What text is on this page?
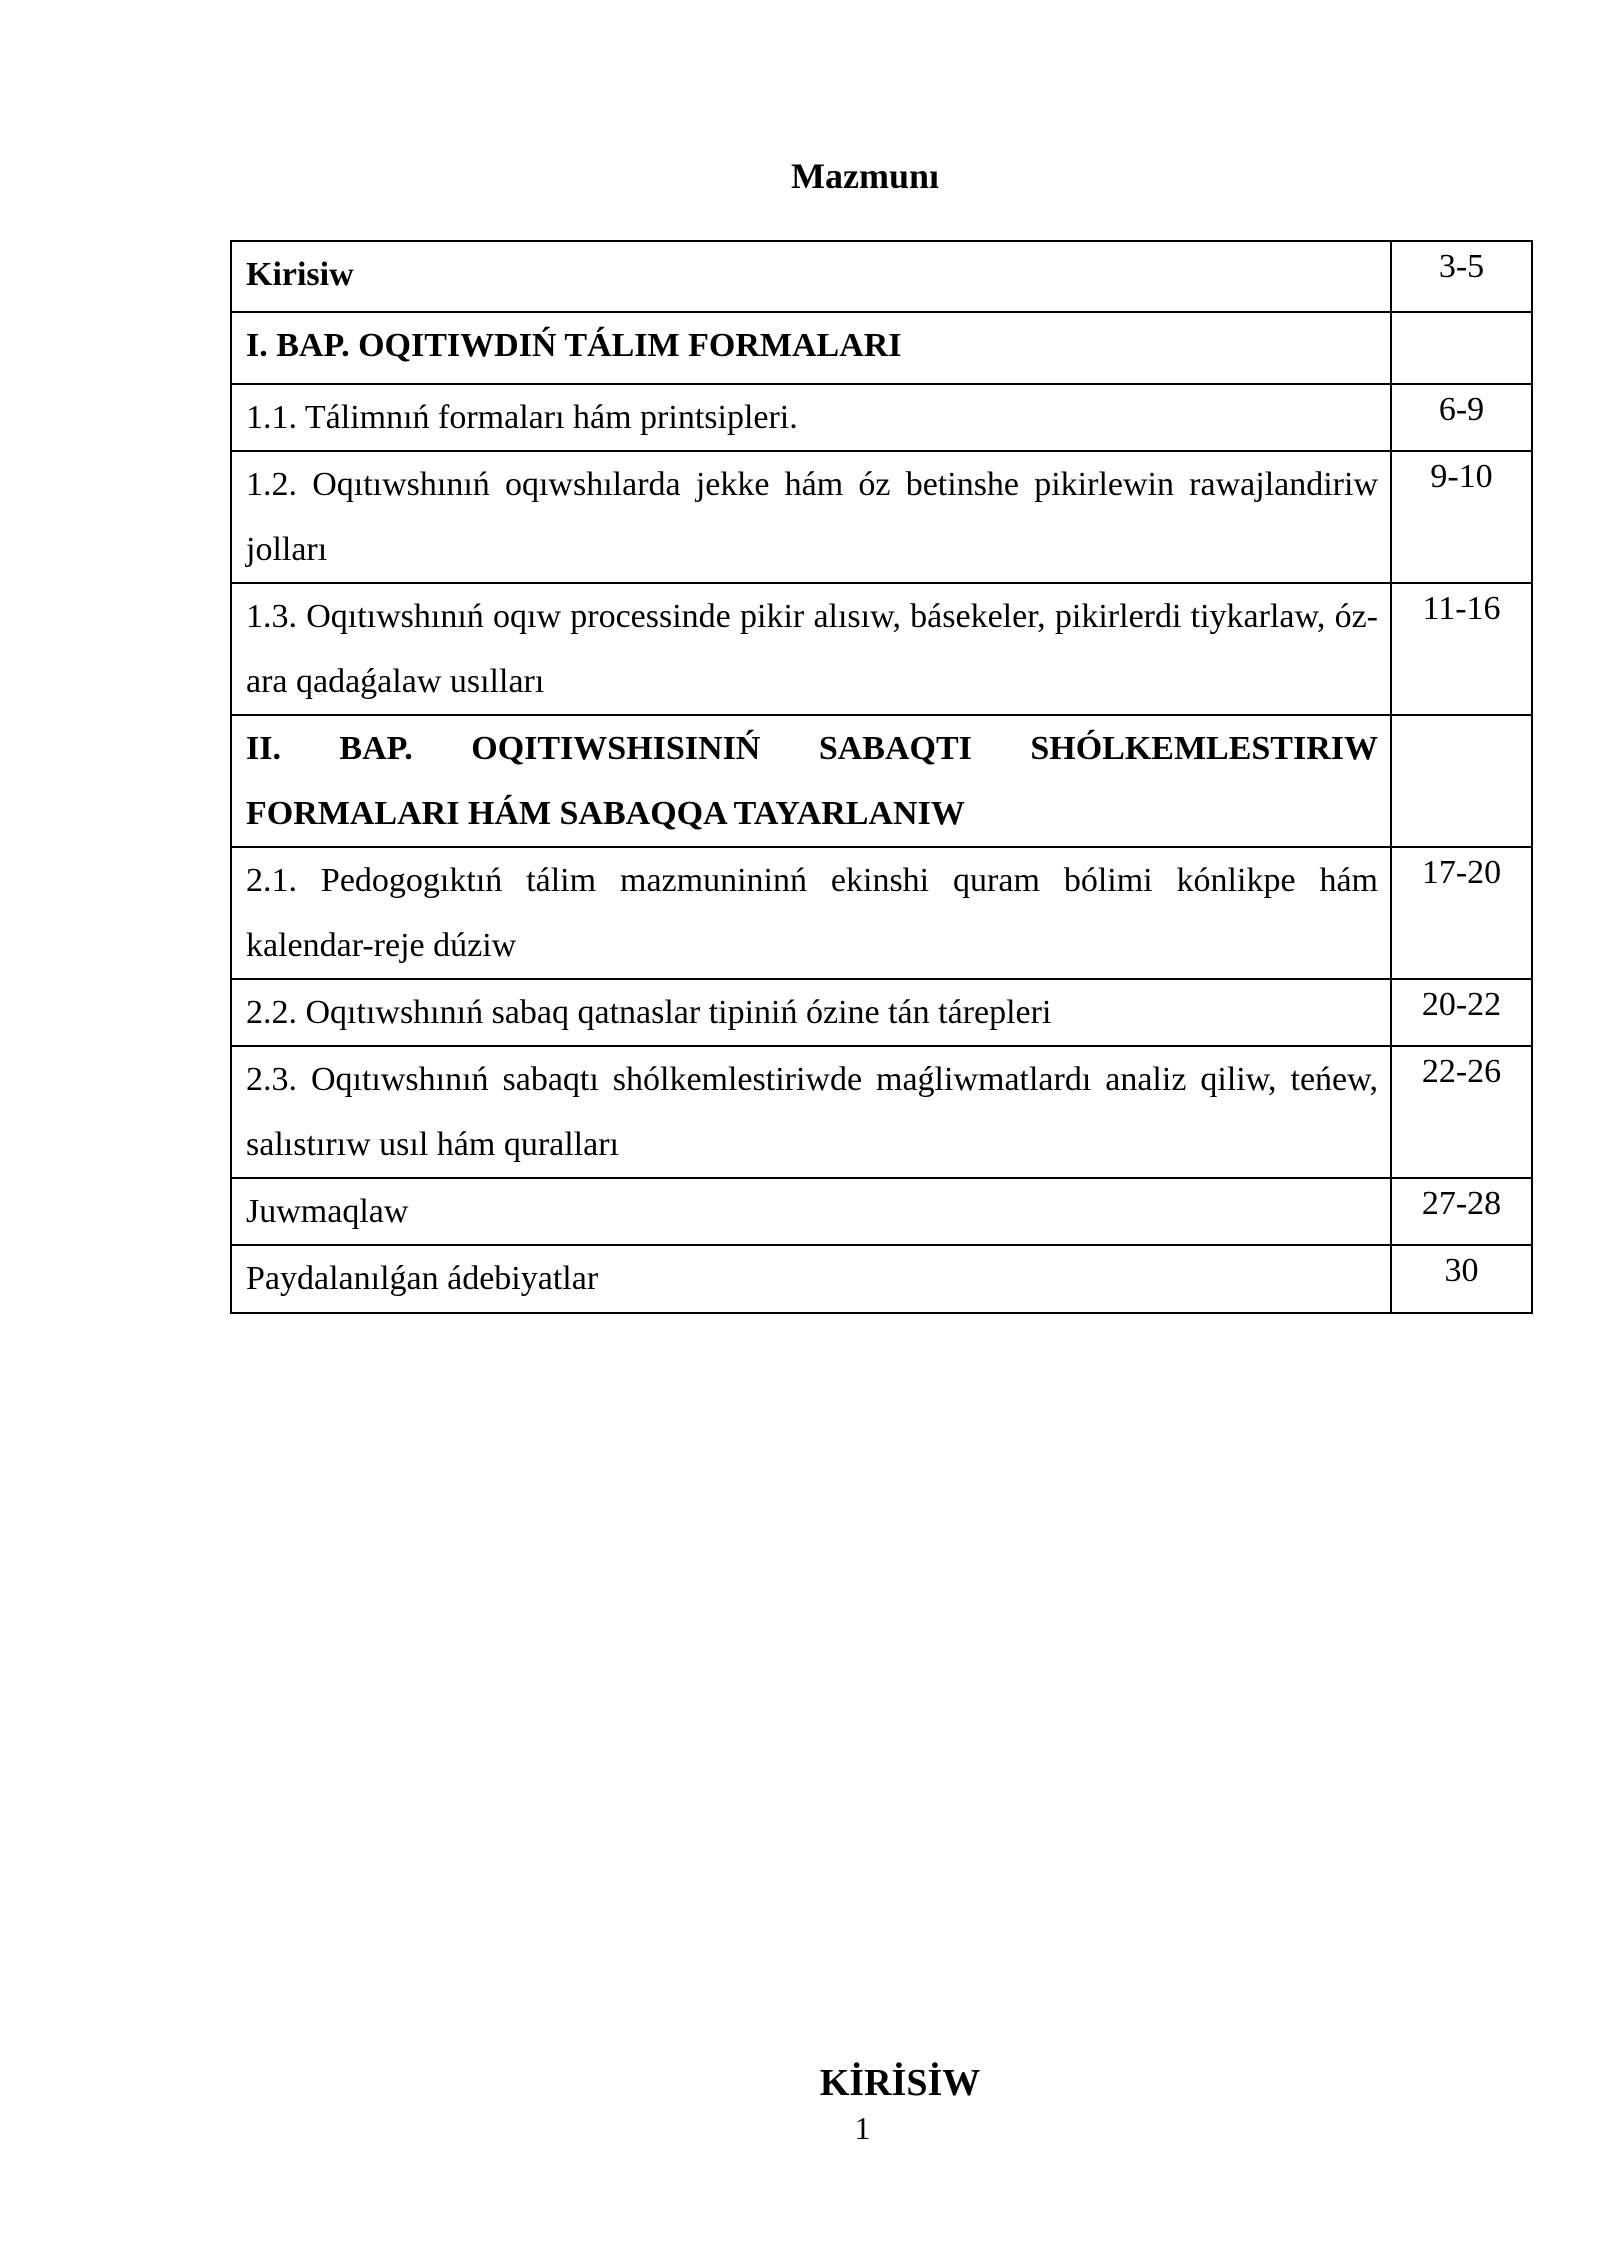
Mazmunı
Kirisiw	3-5
I. BAP. OQITIWDIŃ TÁLIM FORMALARI	
1.1. Tálimnıń formaları hám printsipleri.	6-9
1.2. Oqıtıwshınıń oqıwshılarda jekke hám óz betinshe pikirlewin rawajlandiriw jolları	9-10
1.3. Oqıtıwshınıń oqıw processinde pikir alısıw, básekeler, pikirlerdi tiykarlaw, óz-ara qadaǵalaw usılları	11-16
II. BAP. OQITIWSHISINIŃ SABAQTI SHÓLKEMLESTIRIW FORMALARI HÁM SABAQQA TAYARLANIW	
2.1. Pedogogıktıń tálim mazmunininń ekinshi quram bólimi kónlikpe hám kalendar-reje dúziw	17-20
2.2. Oqıtıwshınıń sabaq qatnaslar tipiniń ózine tán tárepleri	20-22
2.3. Oqıtıwshınıń sabaqtı shólkemlestiriwde maǵliwmatlardı analiz qiliw, teńew, salıstırıw usıl hám quralları	22-26
Juwmaqlaw	27-28
Paydalanılǵan ádebiyatlar	30
KİRİSİW
1
